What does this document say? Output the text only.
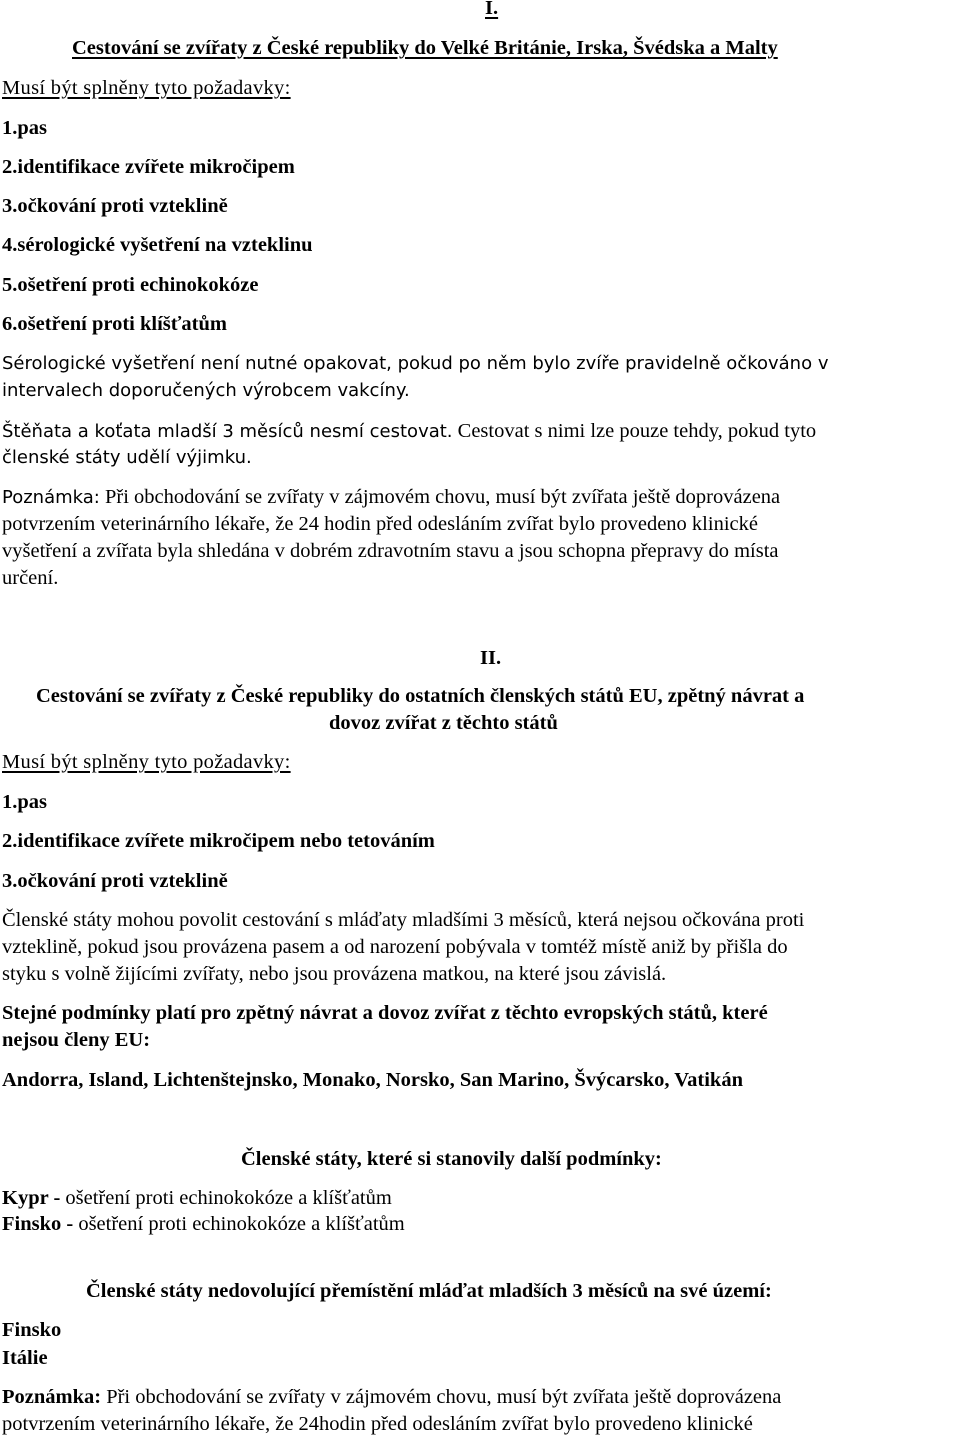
I.
Cestování se zvířaty z České republiky do Velké Británie, Irska, Švédska a Malty
Musí být splněny tyto požadavky:
1.pas
2.identifikace zvířete mikročipem
3.očkování proti vzteklině
4.sérologické vyšetření na vzteklinu
5.ošetření proti echinokokóze
6.ošetření proti klíšťatům
Sérologické vyšetření není nutné opakovat, pokud po něm bylo zvíře pravidelně očkováno v
intervalech doporučených výrobcem vakcíny.
Štěňata a koťata mladší 3 měsíců nesmí cestovat. Cestovat s nimi lze pouze tehdy, pokud tyto
členské státy udělí výjimku.
Poznámka: Při obchodování se zvířaty v zájmovém chovu, musí být zvířata ještě doprovázena
potvrzením veterinárního lékaře, že 24 hodin před odesláním zvířat bylo provedeno klinické
vyšetření a zvířata byla shledána v dobrém zdravotním stavu a jsou schopna přepravy do místa
určení.
II.
Cestování se zvířaty z České republiky do ostatních členských států EU, zpětný návrat a
dovoz zvířat z těchto států
Musí být splněny tyto požadavky:
1.pas
2.identifikace zvířete mikročipem nebo tetováním
3.očkování proti vzteklině
Členské státy mohou povolit cestování s mláďaty mladšími 3 měsíců, která nejsou očkována proti
vzteklině, pokud jsou provázena pasem a od narození pobývala v tomtéž místě aniž by přišla do
styku s volně žijícími zvířaty, nebo jsou provázena matkou, na které jsou závislá.
Stejné podmínky platí pro zpětný návrat a dovoz zvířat z těchto evropských států, které
nejsou členy EU:
Andorra, Island, Lichtenštejnsko, Monako, Norsko, San Marino, Švýcarsko, Vatikán
Členské státy, které si stanovily další podmínky:
Kypr - ošetření proti echinokokóze a klíšťatům
Finsko - ošetření proti echinokokóze a klíšťatům
Členské státy nedovolující přemístění mláďat mladších 3 měsíců na své území:
Finsko
Itálie
Poznámka: Při obchodování se zvířaty v zájmovém chovu, musí být zvířata ještě doprovázena
potvrzením veterinárního lékaře, že 24hodin před odesláním zvířat bylo provedeno klinické
